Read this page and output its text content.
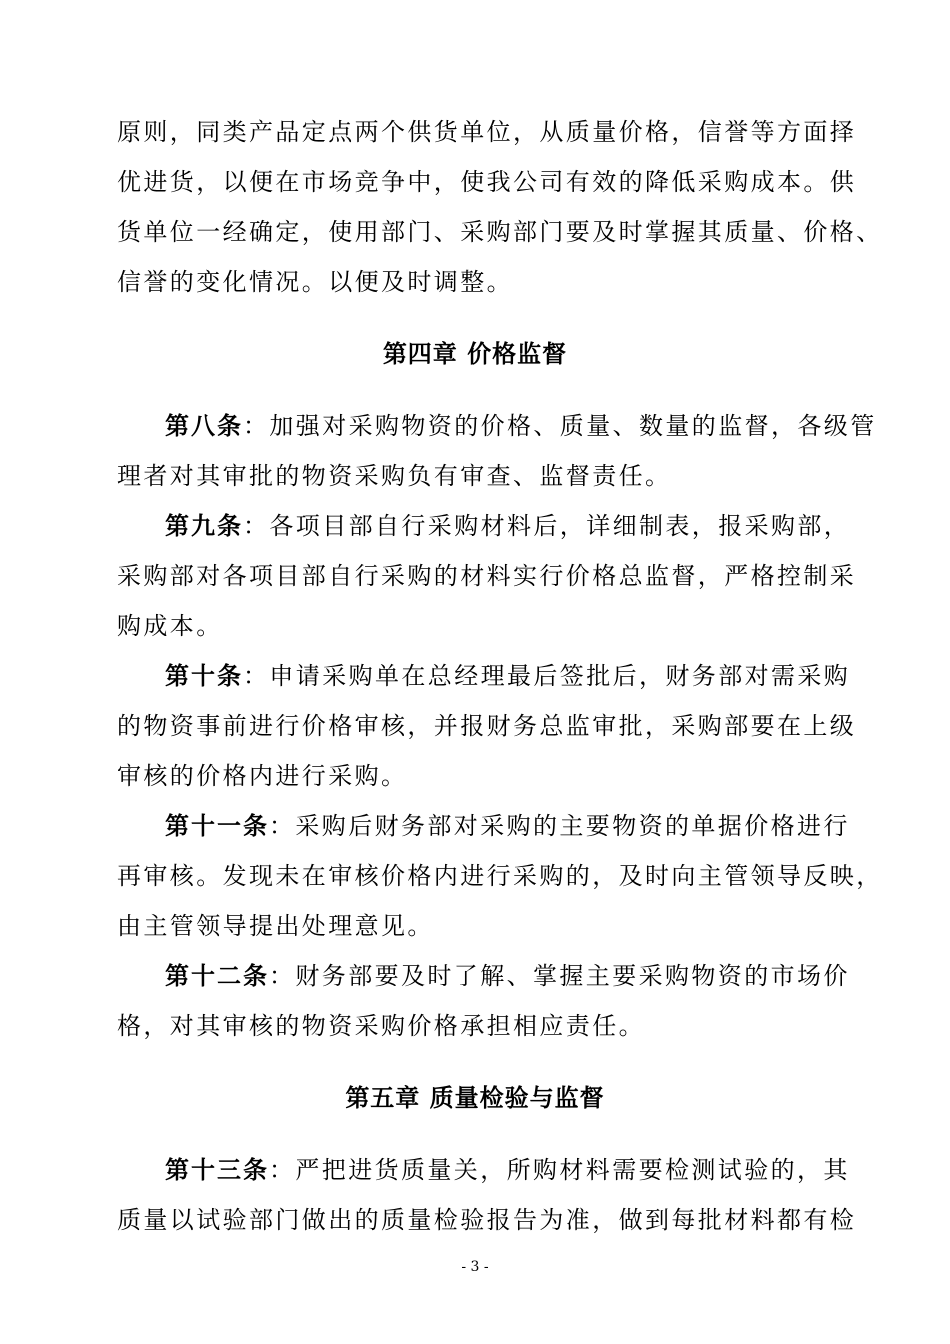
原则，同类产品定点两个供货单位，从质量价格，信誉等方面择
优进货，以便在市场竞争中，使我公司有效的降低采购成本。供
货单位一经确定，使用部门、采购部门要及时掌握其质量、价格、
信誉的变化情况。以便及时调整。
第四章 价格监督
第八条：加强对采购物资的价格、质量、数量的监督，各级管
理者对其审批的物资采购负有审查、监督责任。
第九条：各项目部自行采购材料后，详细制表，报采购部，
采购部对各项目部自行采购的材料实行价格总监督，严格控制采
购成本。
第十条：申请采购单在总经理最后签批后，财务部对需采购
的物资事前进行价格审核，并报财务总监审批，采购部要在上级
审核的价格内进行采购。
第十一条：采购后财务部对采购的主要物资的单据价格进行
再审核。发现未在审核价格内进行采购的，及时向主管领导反映，
由主管领导提出处理意见。
第十二条：财务部要及时了解、掌握主要采购物资的市场价
格，对其审核的物资采购价格承担相应责任。
第五章 质量检验与监督
第十三条：严把进货质量关，所购材料需要检测试验的，其
质量以试验部门做出的质量检验报告为准，做到每批材料都有检
- 3 -
